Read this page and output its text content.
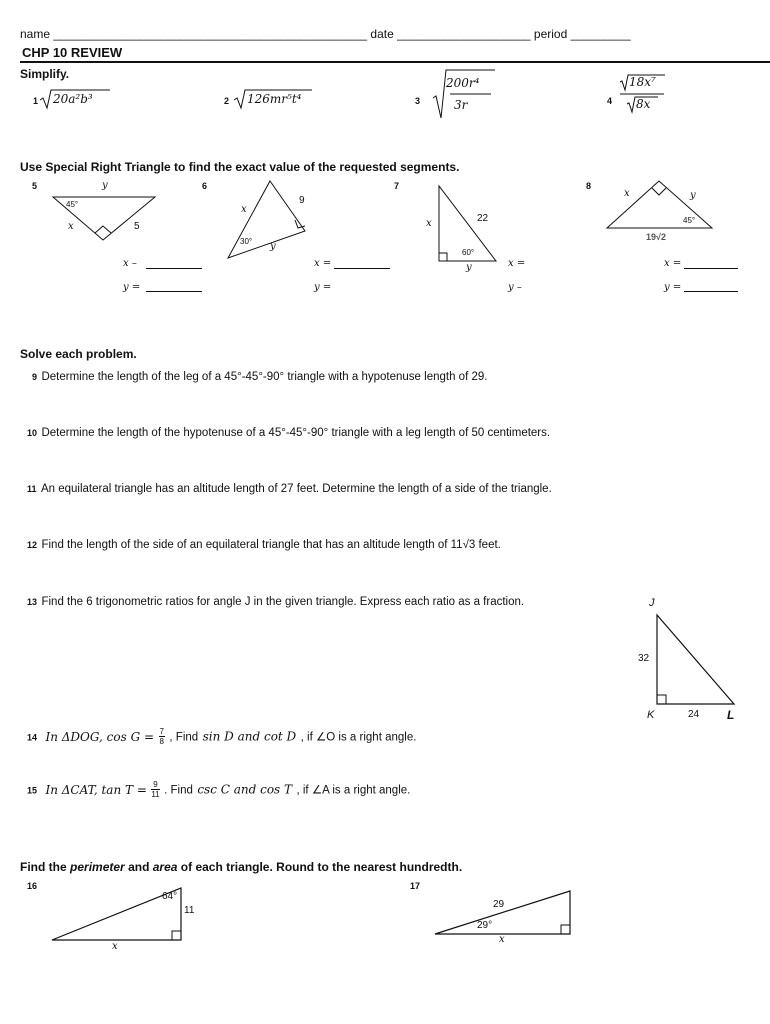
name _______________________________________________ date ____________________ period _________
CHP 10 REVIEW
Simplify.
1 20a²b³	2 126mr⁵t⁴	3
200r⁴
3r	4
18x⁷
8x
Use Special Right Triangle to find the exact value of the requested segments.
5	y
45°
x	5
x –
y =
6
x
9
30° y
x =
y =
7
x	22
60°
y	x =
y –
8
x	y
45°
19√2
x =
y =
Solve each problem.
9 Determine the length of the leg of a 45°-45°-90° triangle with a hypotenuse length of 29.
10 Determine the length of the hypotenuse of a 45°-45°-90° triangle with a leg length of 50 centimeters.
11 An equilateral triangle has an altitude length of 27 feet. Determine the length of a side of the triangle.
12 Find the length of the side of an equilateral triangle that has an altitude length of 11√3 feet.
13 Find the 6 trigonometric ratios for angle J in the given triangle. Express each ratio as a fraction.	J
32
K	24 L
14 In ΔDOG, $\cos G = \frac{7}{8}$ , Find sin D and cot D , if ∠O is a right angle.
15 In ΔCAT, $\tan T = \frac{9}{11}$ . Find csc C and cos T , if ∠A is a right angle.
Find the perimeter and area of each triangle. Round to the nearest hundredth.
16
64°
11
x
17
29
29°
x
